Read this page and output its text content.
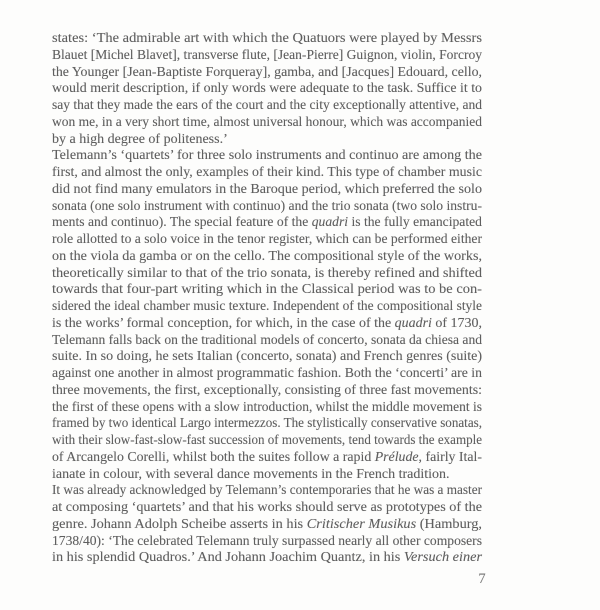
states: ‘The admirable art with which the Quatuors were played by Messrs
Blauet [Michel Blavet], transverse flute, [Jean-Pierre] Guignon, violin, Forcroy
the Younger [Jean-Baptiste Forqueray], gamba, and [Jacques] Edouard, cello,
would merit description, if only words were adequate to the task. Suffice it to
say that they made the ears of the court and the city exceptionally attentive, and
won me, in a very short time, almost universal honour, which was accompanied
by a high degree of politeness.’
Telemann’s ‘quartets’ for three solo instruments and continuo are among the
first, and almost the only, examples of their kind. This type of chamber music
did not find many emulators in the Baroque period, which preferred the solo
sonata (one solo instrument with continuo) and the trio sonata (two solo instru-
ments and continuo). The special feature of the quadri is the fully emancipated
role allotted to a solo voice in the tenor register, which can be performed either
on the viola da gamba or on the cello. The compositional style of the works,
theoretically similar to that of the trio sonata, is thereby refined and shifted
towards that four-part writing which in the Classical period was to be con-
sidered the ideal chamber music texture. Independent of the compositional style
is the works’ formal conception, for which, in the case of the quadri of 1730,
Telemann falls back on the traditional models of concerto, sonata da chiesa and
suite. In so doing, he sets Italian (concerto, sonata) and French genres (suite)
against one another in almost programmatic fashion. Both the ‘concerti’ are in
three movements, the first, exceptionally, consisting of three fast movements:
the first of these opens with a slow introduction, whilst the middle movement is
framed by two identical Largo intermezzos. The stylistically conservative sonatas,
with their slow-fast-slow-fast succession of movements, tend towards the example
of Arcangelo Corelli, whilst both the suites follow a rapid Prélude, fairly Ital-
ianate in colour, with several dance movements in the French tradition.
It was already acknowledged by Telemann’s contemporaries that he was a master
at composing ‘quartets’ and that his works should serve as prototypes of the
genre. Johann Adolph Scheibe asserts in his Critischer Musikus (Hamburg,
1738/40): ‘The celebrated Telemann truly surpassed nearly all other composers
in his splendid Quadros.’ And Johann Joachim Quantz, in his Versuch einer
7
